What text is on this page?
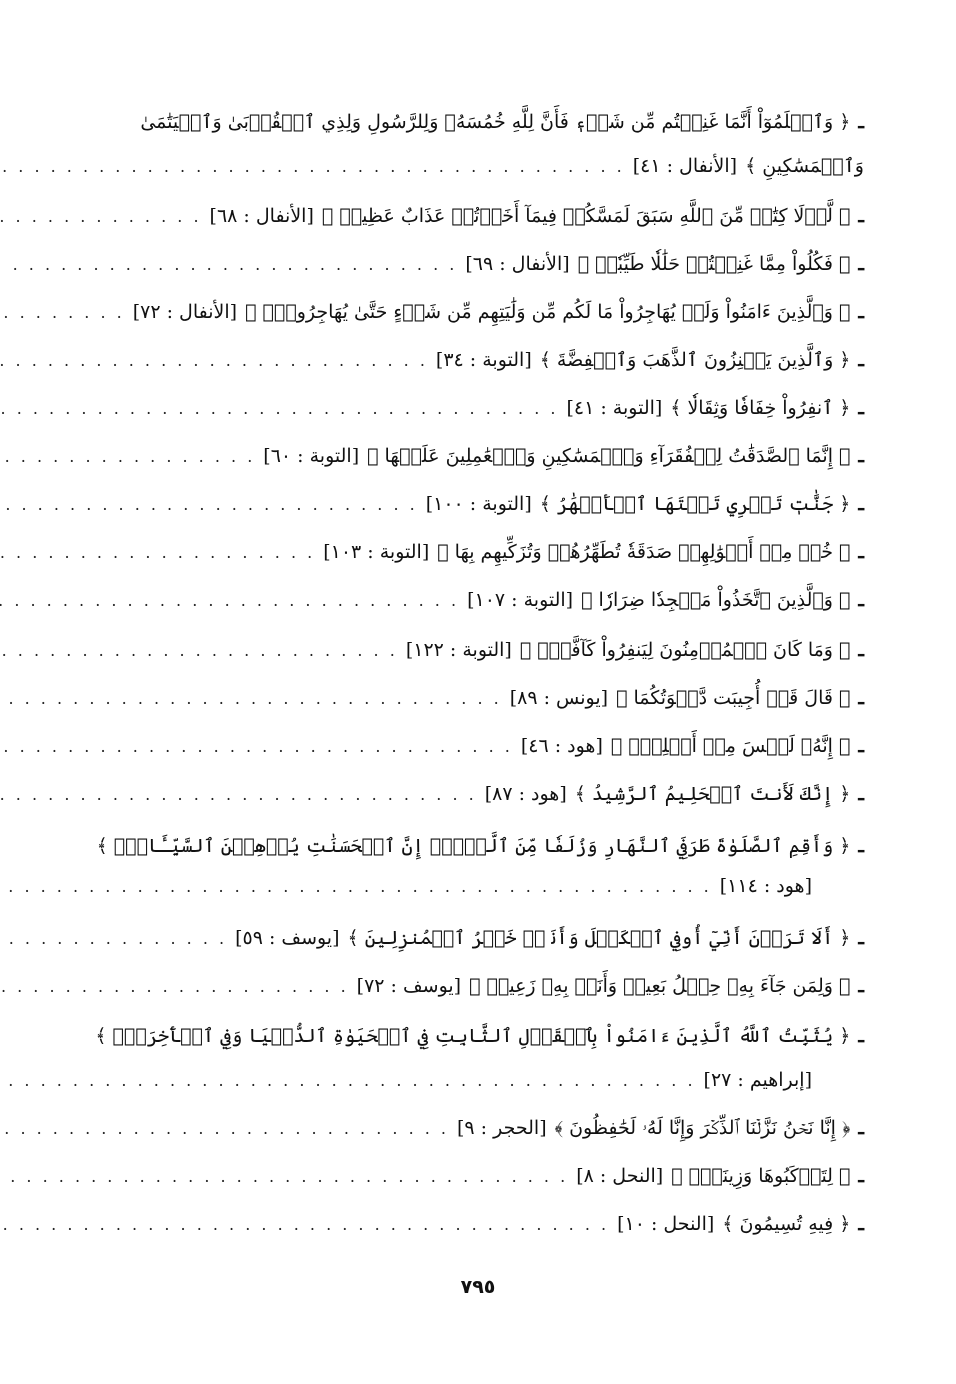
ـ
﴿ وَٱعۡلَمُوٓاْ أَنَّمَا غَنِمۡتُم مِّن شَيۡءٖ فَأَنَّ لِلَّهِ خُمُسَهُۥ وَلِلرَّسُولِ وَلِذِي ٱلۡقُرۡبَىٰ وَٱلۡيَتَٰمَىٰ
وَٱلۡمَسَٰكِينِ ﴾
[الأنفال : ٤١]
. . .
ـ
﴿ لَّوۡلَا كِتَٰبٞ مِّنَ ٱللَّهِ سَبَقَ لَمَسَّكُمۡ فِيمَآ أَخَذۡتُمۡ عَذَابٌ عَظِيمٞ ﴾
[الأنفال : ٦٨]
. . .
ـ
﴿ فَكُلُواْ مِمَّا غَنِمۡتُمۡ حَلَٰلٗا طَيِّبٗاۚ ﴾
[الأنفال : ٦٩]
. . .
ـ
﴿ وَٱلَّذِينَ ءَامَنُواْ وَلَمۡ يُهَاجِرُواْ مَا لَكُم مِّن وَلَٰيَتِهِم مِّن شَيۡءٍ حَتَّىٰ يُهَاجِرُواْۚ ﴾
[الأنفال : ٧٢]
. . .
ـ
﴿ وَٱلَّذِينَ يَكۡنِزُونَ ٱلذَّهَبَ وَٱلۡفِضَّةَ ﴾
[التوبة : ٣٤]
. . .
ـ
﴿ ٱنفِرُواْ خِفَافٗا وَثِقَالٗا ﴾
[التوبة : ٤١]
. . .
ـ
﴿ إِنَّمَا ٱلصَّدَقَٰتُ لِلۡفُقَرَآءِ وَٱلۡمَسَٰكِينِ وَٱلۡعَٰمِلِينَ عَلَيۡهَا ﴾
[التوبة : ٦٠]
. . .
ـ
﴿ جَنَّٰتٖ تَجۡرِي تَحۡتَهَا ٱلۡأَنۡهَٰرُ ﴾
[التوبة : ١٠٠]
. . .
ـ
﴿ خُذۡ مِنۡ أَمۡوَٰلِهِمۡ صَدَقَةٗ تُطَهِّرُهُمۡ وَتُزَكِّيهِم بِهَا ﴾
[التوبة : ١٠٣]
. . .
ـ
﴿ وَٱلَّذِينَ ٱتَّخَذُواْ مَسۡجِدٗا ضِرَارٗا ﴾
[التوبة : ١٠٧]
. . .
ـ
﴿ وَمَا كَانَ ٱلۡمُؤۡمِنُونَ لِيَنفِرُواْ كَآفَّةٗۚ ﴾
[التوبة : ١٢٢]
. . .
ـ
﴿ قَالَ قَدۡ أُجِيبَت دَّعۡوَتُكُمَا ﴾
[يونس : ٨٩]
. . .
ـ
﴿ إِنَّهُۥ لَيۡسَ مِنۡ أَهۡلِكَۖ ﴾
[هود : ٤٦]
. . .
ـ
﴿ إِنَّكَ لَأَنتَ ٱلۡحَلِيمُ ٱلرَّشِيدُ ﴾
[هود : ٨٧]
. . .
ـ
﴿ وَأَقِمِ ٱلصَّلَوٰةَ طَرَفَيِ ٱلنَّهَارِ وَزُلَفٗا مِّنَ ٱلَّيۡلِۚ إِنَّ ٱلۡحَسَنَٰتِ يُذۡهِبۡنَ ٱلسَّيِّـَٔاتِۚ ﴾
[هود : ١١٤]
. . .
ـ
﴿ أَلَا تَرَوۡنَ أَنِّيٓ أُوفِي ٱلۡكَيۡلَ وَأَنَا۠ خَيۡرُ ٱلۡمُنزِلِينَ ﴾
[يوسف : ٥٩]
. . .
ـ
﴿ وَلِمَن جَآءَ بِهِۦ حِمۡلُ بَعِيرٖ وَأَنَا۠ بِهِۦ زَعِيمٞ ﴾
[يوسف : ٧٢]
. . .
ـ
﴿ يُثَبِّتُ ٱللَّهُ ٱلَّذِينَ ءَامَنُواْ بِٱلۡقَوۡلِ ٱلثَّابِتِ فِي ٱلۡحَيَوٰةِ ٱلدُّنۡيَا وَفِي ٱلۡأٓخِرَةِۖ ﴾
[إبراهيم : ٢٧]
. . .
ـ
﴿ إِنَّا نَحۡنُ نَزَّلۡنَا ٱلذِّكۡرَ وَإِنَّا لَهُۥ لَحَٰفِظُونَ ﴾
[الحجر : ٩]
. . .
ـ
﴿ لِتَرۡكَبُوهَا وَزِينَةٗۚ ﴾
[النحل : ٨]
. . .
ـ
﴿ فِيهِ تُسِيمُونَ ﴾
[النحل : ١٠]
. . .
٧٩٥
